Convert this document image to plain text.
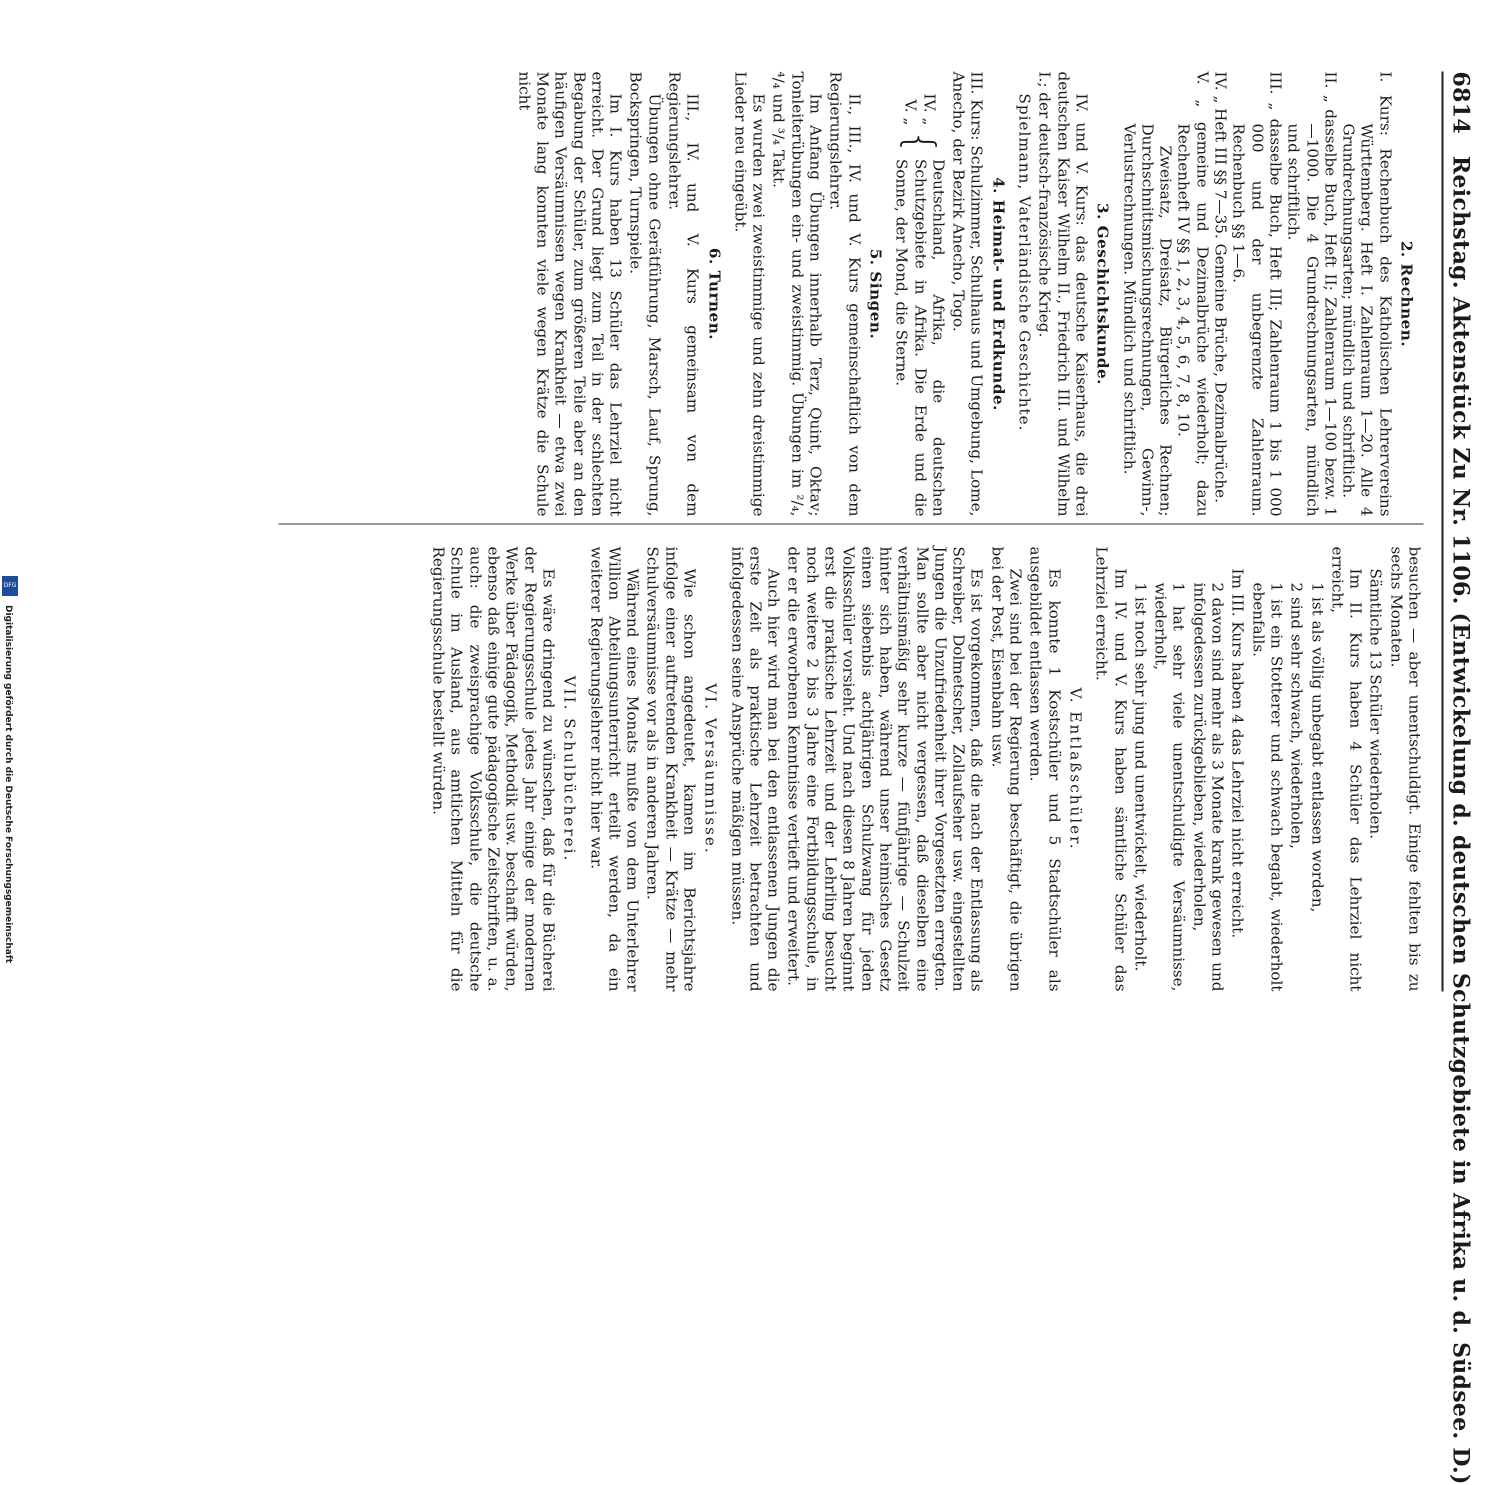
6814 Reichstag. Aktenstück Zu Nr. 1106. (Entwickelung d. deutschen Schutzgebiete in Afrika u. d. Südsee. D.)
2. Rechnen.
I. Kurs: Rechenbuch des Katholischen Lehrervereins Württemberg. Heft I. Zahlenraum 1—20. Alle 4 Grundrechnungsarten; mündlich und schriftlich.
II. „ dasselbe Buch, Heft II; Zahlenraum 1—100 bezw. 1—1000. Die 4 Grundrechnungsarten, mündlich und schriftlich.
III. „ dasselbe Buch, Heft III; Zahlenraum 1 bis 1 000 000 und der unbegrenzte Zahlenraum. Rechenbuch §§ 1—6.
IV. „ Heft III §§ 7—35. Gemeine Brüche, Dezimalbrüche.
V. „ gemeine und Dezimalbrüche wiederholt; dazu Rechenheft IV §§ 1, 2, 3, 4, 5, 6, 7, 8, 10.

Zweisatz, Dreisatz, Bürgerliches Rechnen; Durchschnittsmischungsrechnungen, Gewinn-, Verlustrechnungen. Mündlich und schriftlich.

3. Geschichtskunde.

IV. und V. Kurs: das deutsche Kaiserhaus, die drei deutschen Kaiser Wilhelm II., Friedrich III. und Wilhelm I.; der deutsch-französische Krieg.

Spielmann, Vaterländische Geschichte.

4. Heimat- und Erdkunde.

III. Kurs: Schulzimmer, Schulhaus und Umgebung, Lome, Anecho, der Bezirk Anecho, Togo.

IV. „
V. „
{
Deutschland, Afrika, die deutschen Schutzgebiete in Afrika. Die Erde und die Sonne, der Mond, die Sterne.
5. Singen.

II., III., IV. und V. Kurs gemeinschaftlich von dem Regierungslehrer.

Im Anfang Übungen innerhalb Terz, Quint, Oktav; Tonleiterübungen ein- und zweistimmig. Übungen im ²/₄, ⁴/₄ und ³/₄ Takt.

Es wurden zwei zweistimmige und zehn dreistimmige Lieder neu eingeübt.

6. Turnen.

III., IV. und V. Kurs gemeinsam von dem Regierungslehrer.

Übungen ohne Gerätführung, Marsch, Lauf, Sprung, Bockspringen, Turnspiele.

Im I. Kurs haben 13 Schüler das Lehrziel nicht erreicht. Der Grund liegt zum Teil in der schlechten Begabung der Schüler, zum größeren Teile aber an den häufigen Versäumnissen wegen Krankheit — etwa zwei Monate lang konnten viele wegen Krätze die Schule nicht

besuchen — aber unentschuldigt. Einige fehlten bis zu sechs Monaten.

Sämtliche 13 Schüler wiederholen.

Im II. Kurs haben 4 Schüler das Lehrziel nicht erreicht,

1 ist als völlig unbegabt entlassen worden,

2 sind sehr schwach, wiederholen,

1 ist ein Stotterer und schwach begabt, wiederholt ebenfalls.

Im III. Kurs haben 4 das Lehrziel nicht erreicht.

2 davon sind mehr als 3 Monate krank gewesen und infolgedessen zurückgeblieben, wiederholen,

1 hat sehr viele unentschuldigte Versäumnisse, wiederholt,

1 ist noch sehr jung und unentwickelt, wiederholt.

Im IV. und V. Kurs haben sämtliche Schüler das Lehrziel erreicht.

V. Entlaßschüler.

Es konnte 1 Kostschüler und 5 Stadtschüler als ausgebildet entlassen werden.

Zwei sind bei der Regierung beschäftigt, die übrigen bei der Post, Eisenbahn usw.

Es ist vorgekommen, daß die nach der Entlassung als Schreiber, Dolmetscher, Zollaufseher usw. eingestellten Jungen die Unzufriedenheit ihrer Vorgesetzten erregten. Man sollte aber nicht vergessen, daß dieselben eine verhältnismäßig sehr kurze — fünfjährige — Schulzeit hinter sich haben, während unser heimisches Gesetz einen siebenbis achtjährigen Schulzwang für jeden Volksschüler vorsieht. Und nach diesen 8 Jahren beginnt erst die praktische Lehrzeit und der Lehrling besucht noch weitere 2 bis 3 Jahre eine Fortbildungsschule, in der er die erworbenen Kenntnisse vertieft und erweitert.

Auch hier wird man bei den entlassenen Jungen die erste Zeit als praktische Lehrzeit betrachten und infolgedessen seine Ansprüche mäßigen müssen.

VI. Versäumnisse.

Wie schon angedeutet, kamen im Berichtsjahre infolge einer auftretenden Krankheit — Krätze — mehr Schulversäumnisse vor als in anderen Jahren.

Während eines Monats mußte von dem Unterlehrer Willion Abteilungsunterricht erteilt werden, da ein weiterer Regierungslehrer nicht hier war.

VII. Schulbücherei.

Es wäre dringend zu wünschen, daß für die Bücherei der Regierungsschule jedes Jahr einige der modernen Werke über Pädagogik, Methodik usw. beschafft würden, ebenso daß einige gute pädagogische Zeitschriften, u. a. auch: die zweisprachige Volksschule, die deutsche Schule im Ausland, aus amtlichen Mitteln für die Regierungsschule bestellt würden.

DFG
Digitalisierung gefördert durch die Deutsche Forschungsgemeinschaft
